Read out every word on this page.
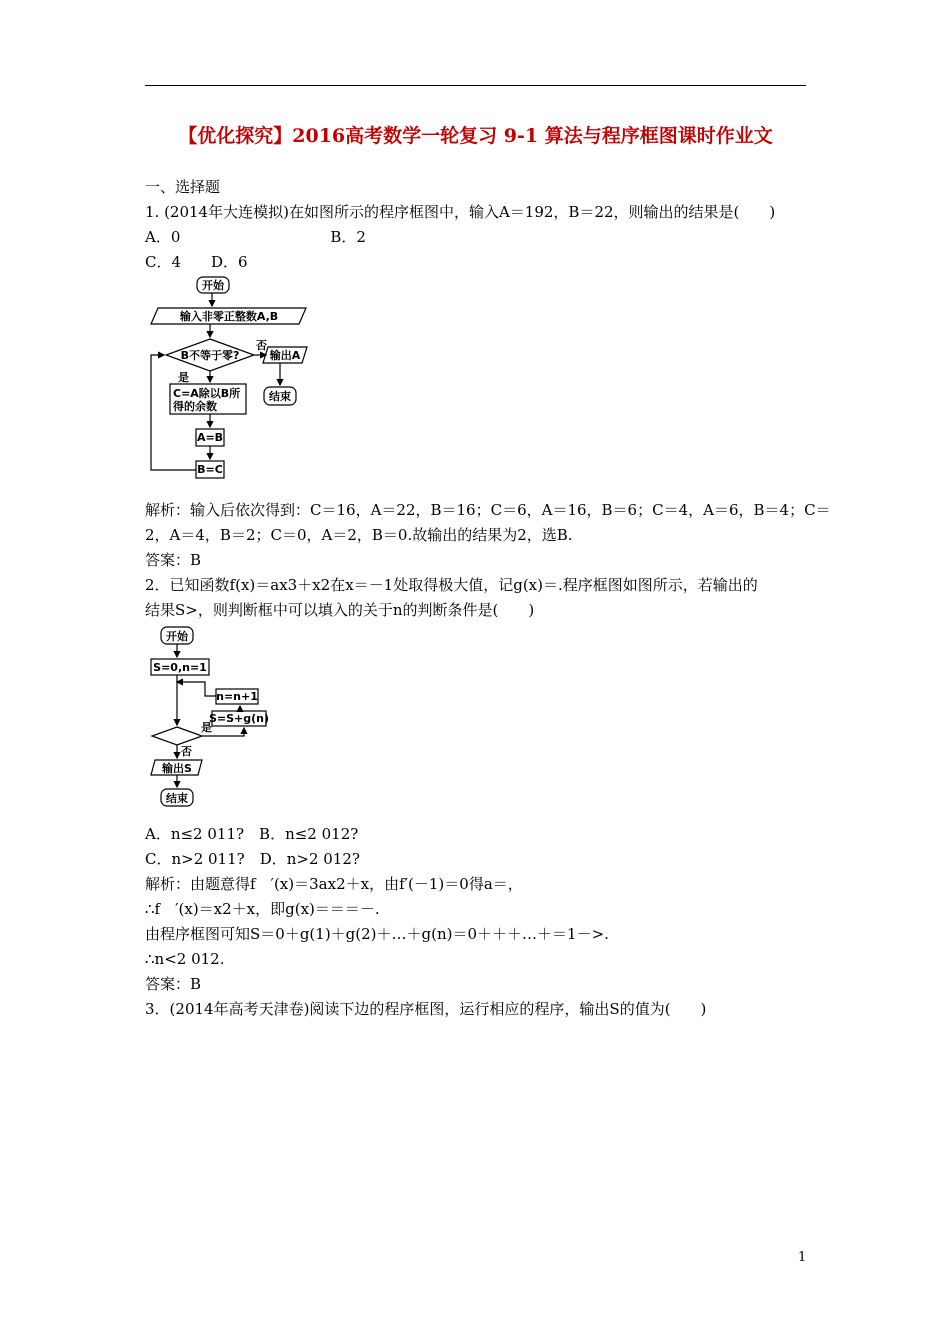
【优化探究】2016高考数学一轮复习 9-1 算法与程序框图课时作业文
一、选择题
1. (2014年大连模拟)在如图所示的程序框图中，输入A＝192，B＝22，则输出的结果是(　　)
A．0　　　　　　　　　　B．2
C．4　　D．6
开始
输入非零正整数A,B
B不等于零?
否
是
输出A
结束
C=A除以B所
得的余数
A=B
B=C
解析：输入后依次得到：C＝16，A＝22，B＝16；C＝6，A＝16，B＝6；C＝4，A＝6，B＝4；C＝
2，A＝4，B＝2；C＝0，A＝2，B＝0.故输出的结果为2，选B.
答案：B
2．已知函数f(x)＝ax3＋x2在x＝－1处取得极大值，记g(x)＝.程序框图如图所示，若输出的
结果S>，则判断框中可以填入的关于n的判断条件是(　　)
开始
S=0,n=1
n=n+1
S=S+g(n)
是
否
输出S
结束
A．n≤2 011?　B．n≤2 012?
C．n>2 011?　D．n>2 012?
解析：由题意得f　′(x)＝3ax2＋x，由f′(－1)＝0得a＝，
∴f　′(x)＝x2＋x，即g(x)＝＝＝－.
由程序框图可知S＝0＋g(1)＋g(2)＋…＋g(n)＝0＋＋＋…＋＝1－>.
∴n<2 012.
答案：B
3．(2014年高考天津卷)阅读下边的程序框图，运行相应的程序，输出S的值为(　　)
1
